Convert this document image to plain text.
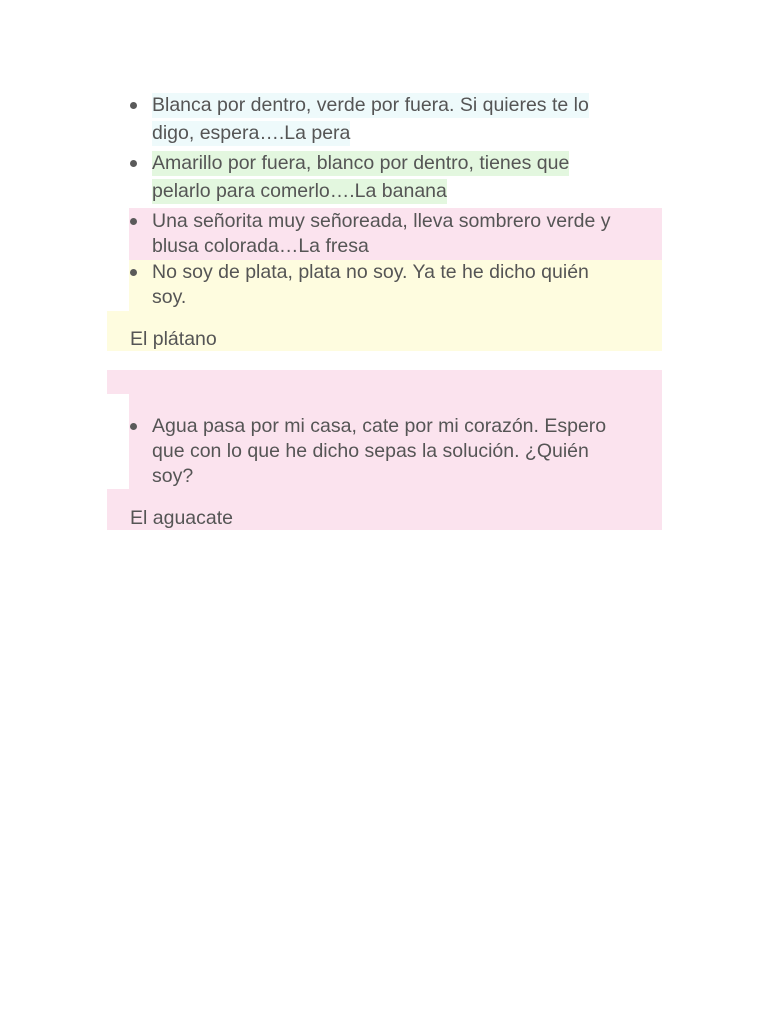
Blanca por dentro, verde por fuera. Si quieres te lo
digo, espera….La pera
Amarillo por fuera, blanco por dentro, tienes que
pelarlo para comerlo….La banana
Una señorita muy señoreada, lleva sombrero verde y
blusa colorada…La fresa
No soy de plata, plata no soy. Ya te he dicho quién
soy.
El plátano
Agua pasa por mi casa, cate por mi corazón. Espero
que con lo que he dicho sepas la solución. ¿Quién
soy?
El aguacate
